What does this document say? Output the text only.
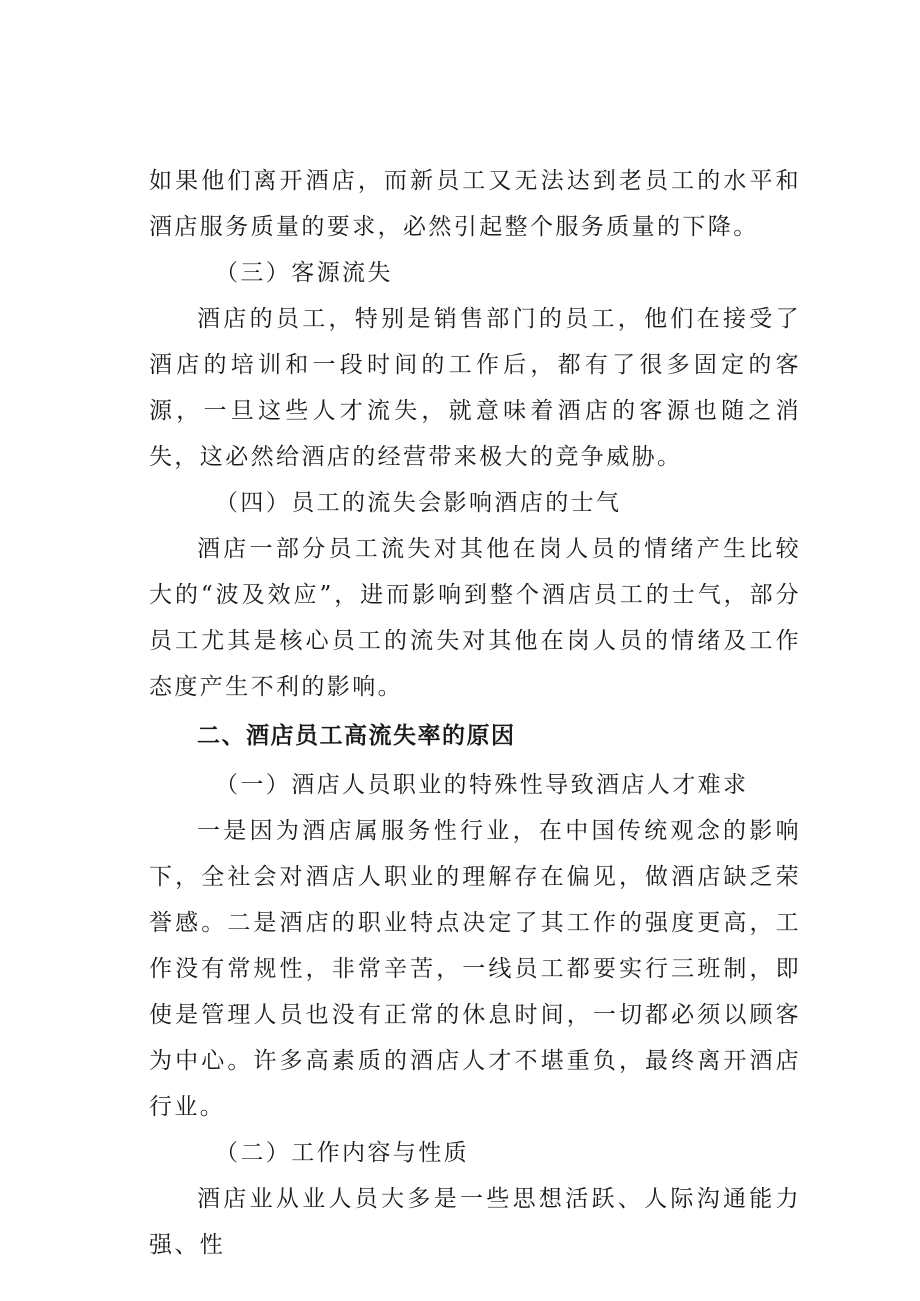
如果他们离开酒店，而新员工又无法达到老员工的水平和酒店服务质量的要求，必然引起整个服务质量的下降。

（三）客源流失

酒店的员工，特别是销售部门的员工，他们在接受了酒店的培训和一段时间的工作后，都有了很多固定的客源，一旦这些人才流失，就意味着酒店的客源也随之消失，这必然给酒店的经营带来极大的竞争威胁。

（四）员工的流失会影响酒店的士气

酒店一部分员工流失对其他在岗人员的情绪产生比较大的“波及效应”，进而影响到整个酒店员工的士气，部分员工尤其是核心员工的流失对其他在岗人员的情绪及工作态度产生不利的影响。

二、酒店员工高流失率的原因

（一）酒店人员职业的特殊性导致酒店人才难求

一是因为酒店属服务性行业，在中国传统观念的影响下，全社会对酒店人职业的理解存在偏见，做酒店缺乏荣誉感。二是酒店的职业特点决定了其工作的强度更高，工作没有常规性，非常辛苦，一线员工都要实行三班制，即使是管理人员也没有正常的休息时间，一切都必须以顾客为中心。许多高素质的酒店人才不堪重负，最终离开酒店行业。

（二）工作内容与性质

酒店业从业人员大多是一些思想活跃、人际沟通能力强、性
